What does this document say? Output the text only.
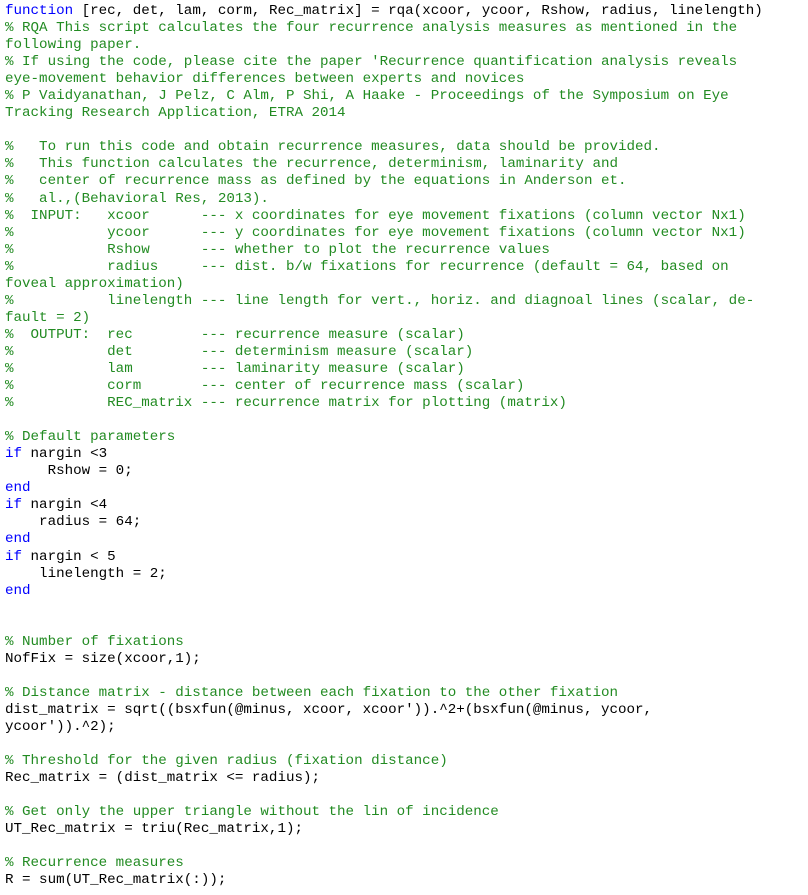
function [rec, det, lam, corm, Rec_matrix] = rqa(xcoor, ycoor, Rshow, radius, linelength)
% RQA This script calculates the four recurrence analysis measures as mentioned in the
following paper.
% If using the code, please cite the paper 'Recurrence quantification analysis reveals
eye-movement behavior differences between experts and novices
% P Vaidyanathan, J Pelz, C Alm, P Shi, A Haake - Proceedings of the Symposium on Eye
Tracking Research Application, ETRA 2014
%   To run this code and obtain recurrence measures, data should be provided.
%   This function calculates the recurrence, determinism, laminarity and
%   center of recurrence mass as defined by the equations in Anderson et.
%   al.,(Behavioral Res, 2013).
%  INPUT:   xcoor      --- x coordinates for eye movement fixations (column vector Nx1)
%           ycoor      --- y coordinates for eye movement fixations (column vector Nx1)
%           Rshow      --- whether to plot the recurrence values
%           radius     --- dist. b/w fixations for recurrence (default = 64, based on
foveal approximation)
%           linelength --- line length for vert., horiz. and diagnoal lines (scalar, de-
fault = 2)
%  OUTPUT:  rec        --- recurrence measure (scalar)
%           det        --- determinism measure (scalar)
%           lam        --- laminarity measure (scalar)
%           corm       --- center of recurrence mass (scalar)
%           REC_matrix --- recurrence matrix for plotting (matrix)
% Default parameters
if nargin <3
Rshow = 0;
end
if nargin <4
radius = 64;
end
if nargin < 5
linelength = 2;
end
% Number of fixations
NofFix = size(xcoor,1);
% Distance matrix - distance between each fixation to the other fixation
dist_matrix = sqrt((bsxfun(@minus, xcoor, xcoor')).^2+(bsxfun(@minus, ycoor,
ycoor')).^2);
% Threshold for the given radius (fixation distance)
Rec_matrix = (dist_matrix <= radius);
% Get only the upper triangle without the lin of incidence
UT_Rec_matrix = triu(Rec_matrix,1);
% Recurrence measures
R = sum(UT_Rec_matrix(:));
